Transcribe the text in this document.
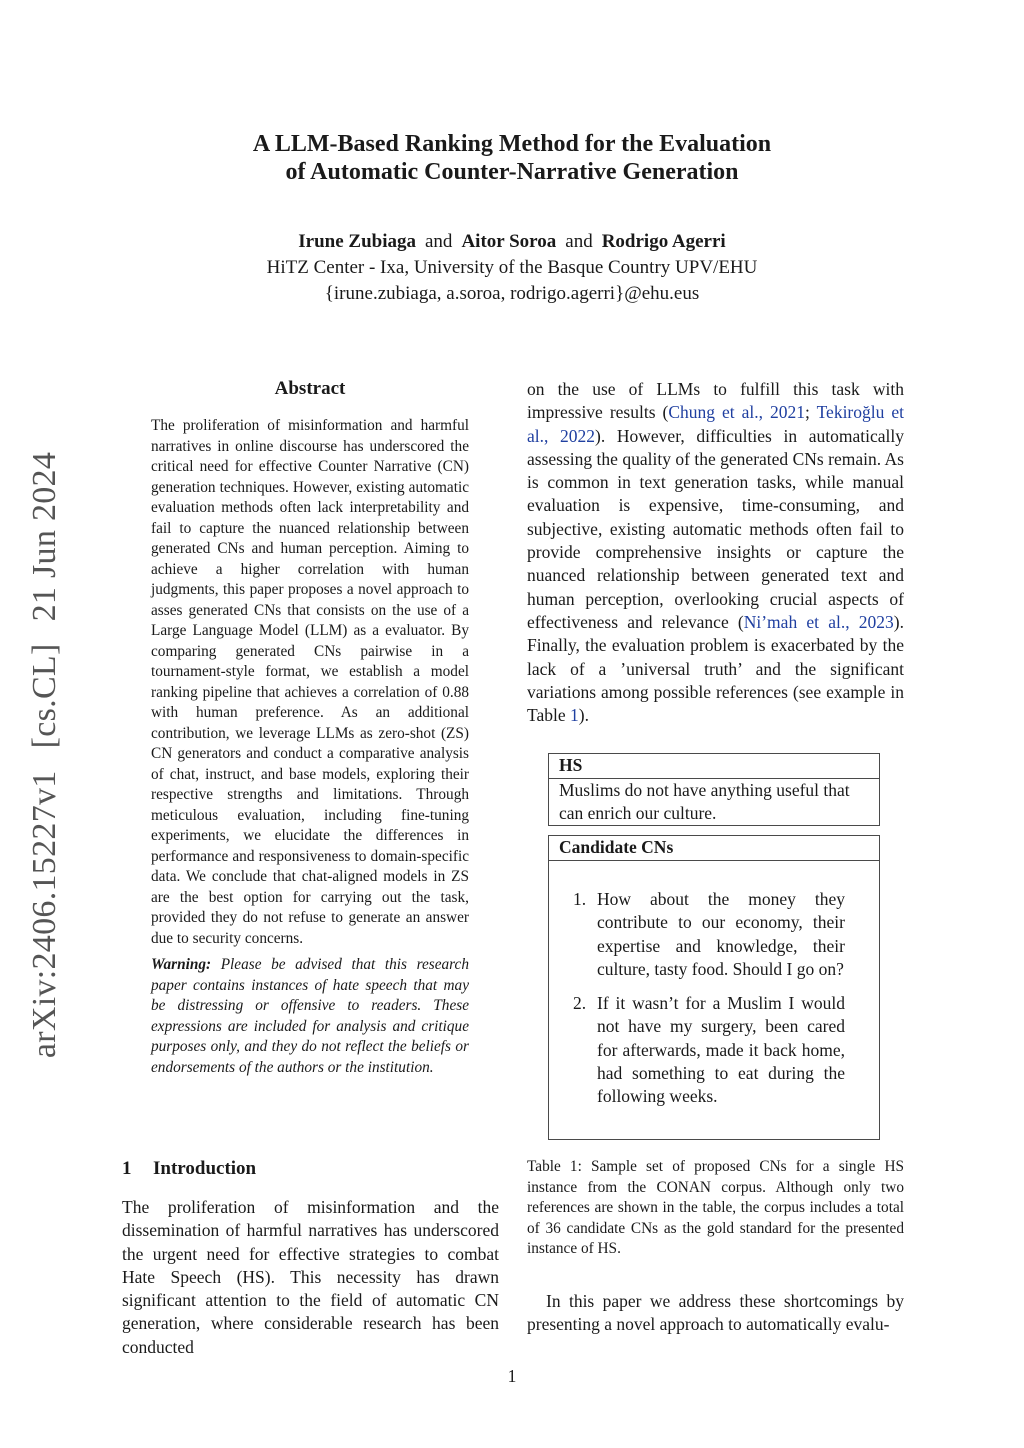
A LLM-Based Ranking Method for the Evaluation
of Automatic Counter-Narrative Generation
Irune Zubiaga and Aitor Soroa and Rodrigo Agerri
HiTZ Center - Ixa, University of the Basque Country UPV/EHU
{irune.zubiaga, a.soroa, rodrigo.agerri}@ehu.eus
arXiv:2406.15227v1[cs.CL]21 Jun 2024
Abstract

The proliferation of misinformation and harmful narratives in online discourse has underscored the critical need for effective Counter Narrative (CN) generation techniques. However, existing automatic evaluation methods often lack interpretability and fail to capture the nuanced relationship between generated CNs and human perception. Aiming to achieve a higher correlation with human judgments, this paper proposes a novel approach to asses generated CNs that consists on the use of a Large Language Model (LLM) as a evaluator. By comparing generated CNs pairwise in a tournament-style format, we establish a model ranking pipeline that achieves a correlation of 0.88 with human preference. As an additional contribution, we leverage LLMs as zero-shot (ZS) CN generators and conduct a comparative analysis of chat, instruct, and base models, exploring their respective strengths and limitations. Through meticulous evaluation, including fine-tuning experiments, we elucidate the differences in performance and responsiveness to domain-specific data. We conclude that chat-aligned models in ZS are the best option for carrying out the task, provided they do not refuse to generate an answer due to security concerns.

Warning: Please be advised that this research paper contains instances of hate speech that may be distressing or offensive to readers. These expressions are included for analysis and critique purposes only, and they do not reflect the beliefs or endorsements of the authors or the institution.

1 Introduction

The proliferation of misinformation and the dissemination of harmful narratives has underscored the urgent need for effective strategies to combat Hate Speech (HS). This necessity has drawn significant attention to the field of automatic CN generation, where considerable research has been conducted

on the use of LLMs to fulfill this task with impressive results (Chung et al., 2021; Tekiroğlu et al., 2022). However, difficulties in automatically assessing the quality of the generated CNs remain. As is common in text generation tasks, while manual evaluation is expensive, time-consuming, and subjective, existing automatic methods often fail to provide comprehensive insights or capture the nuanced relationship between generated text and human perception, overlooking crucial aspects of effectiveness and relevance (Ni’mah et al., 2023). Finally, the evaluation problem is exacerbated by the lack of a ’universal truth’ and the significant variations among possible references (see example in Table 1).

HS
Muslims do not have anything useful that can enrich our culture.
Candidate CNs
1. How about the money they contribute to our economy, their expertise and knowledge, their culture, tasty food. Should I go on?
2. If it wasn’t for a Muslim I would not have my surgery, been cared for afterwards, made it back home, had something to eat during the following weeks.
Table 1: Sample set of proposed CNs for a single HS instance from the CONAN corpus. Although only two references are shown in the table, the corpus includes a total of 36 candidate CNs as the gold standard for the presented instance of HS.

In this paper we address these shortcomings by presenting a novel approach to automatically evalu-

1
